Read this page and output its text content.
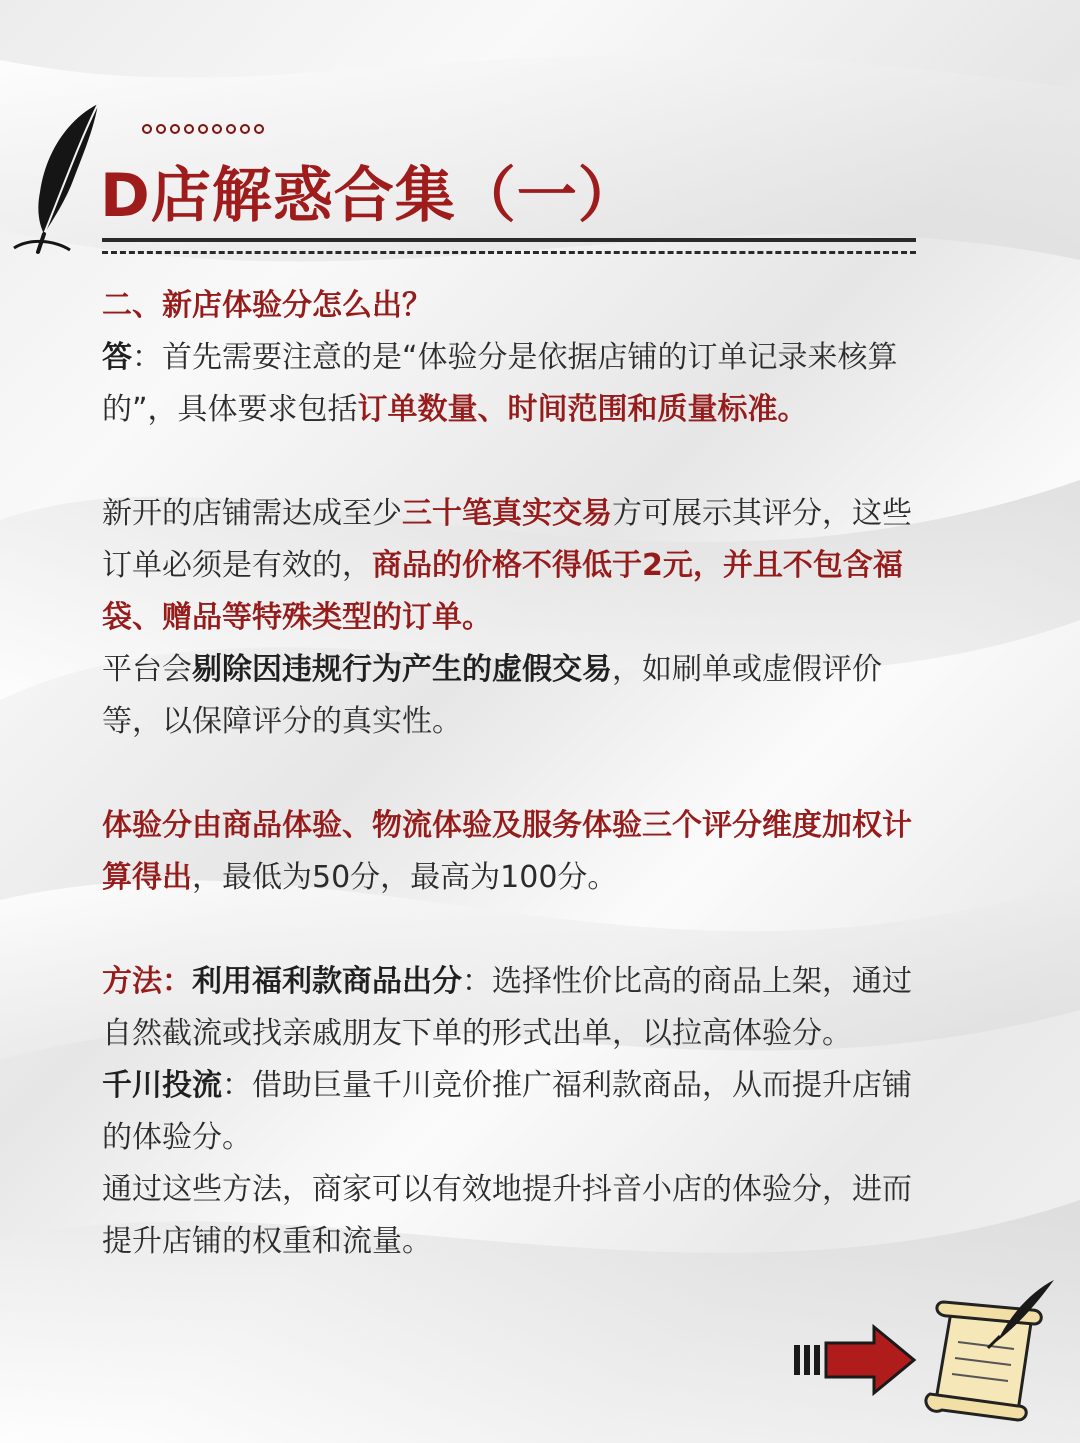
D店解惑合集（一）

二、新店体验分怎么出？

答：首先需要注意的是“体验分是依据店铺的订单记录来核算的”，具体要求包括订单数量、时间范围和质量标准。

新开的店铺需达成至少三十笔真实交易方可展示其评分，这些订单必须是有效的，商品的价格不得低于2元，并且不包含福袋、赠品等特殊类型的订单。

平台会剔除因违规行为产生的虚假交易，如刷单或虚假评价等，以保障评分的真实性。

体验分由商品体验、物流体验及服务体验三个评分维度加权计算得出，最低为50分，最高为100分。

方法：利用福利款商品出分：选择性价比高的商品上架，通过自然截流或找亲戚朋友下单的形式出单，以拉高体验分。

千川投流：借助巨量千川竞价推广福利款商品，从而提升店铺的体验分。

通过这些方法，商家可以有效地提升抖音小店的体验分，进而提升店铺的权重和流量。
